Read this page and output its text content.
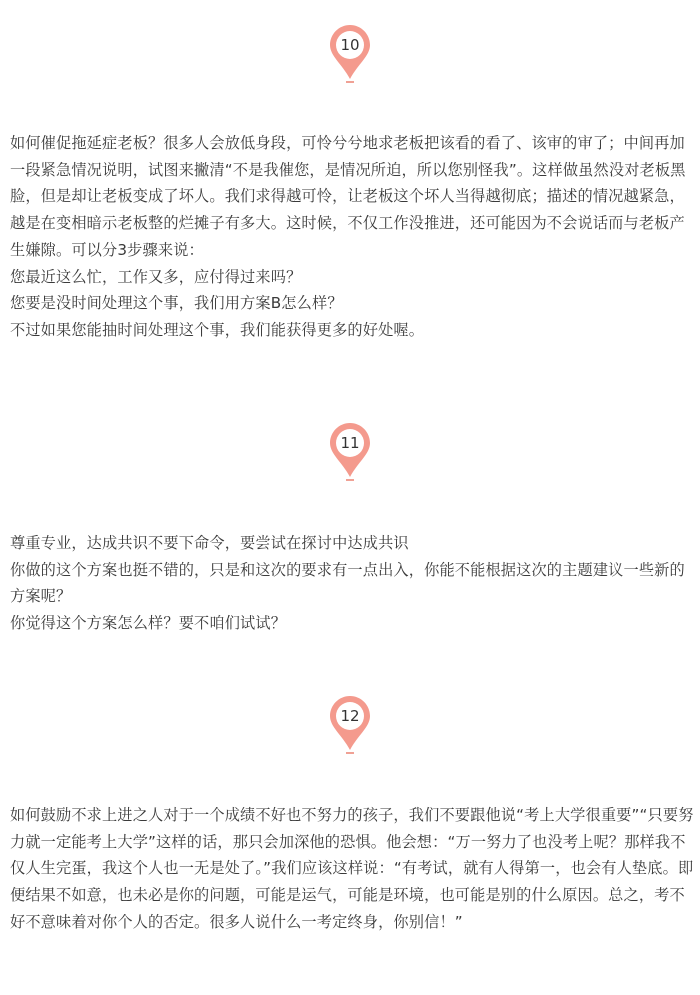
10

如何催促拖延症老板？很多人会放低身段，可怜兮兮地求老板把该看的看了、该审的审了；中间再加一段紧急情况说明，试图来撇清“不是我催您，是情况所迫，所以您别怪我”。这样做虽然没对老板黑脸，但是却让老板变成了坏人。我们求得越可怜，让老板这个坏人当得越彻底；描述的情况越紧急，越是在变相暗示老板整的烂摊子有多大。这时候，不仅工作没推进，还可能因为不会说话而与老板产生嫌隙。可以分3步骤来说：

您最近这么忙，工作又多，应付得过来吗？

您要是没时间处理这个事，我们用方案B怎么样？

不过如果您能抽时间处理这个事，我们能获得更多的好处喔。

11

尊重专业，达成共识不要下命令，要尝试在探讨中达成共识

你做的这个方案也挺不错的，只是和这次的要求有一点出入，你能不能根据这次的主题建议一些新的方案呢？

你觉得这个方案怎么样？要不咱们试试？

12

如何鼓励不求上进之人对于一个成绩不好也不努力的孩子，我们不要跟他说“考上大学很重要”“只要努力就一定能考上大学”这样的话，那只会加深他的恐惧。他会想：“万一努力了也没考上呢？那样我不仅人生完蛋，我这个人也一无是处了。”我们应该这样说：“有考试，就有人得第一，也会有人垫底。即便结果不如意，也未必是你的问题，可能是运气，可能是环境，也可能是别的什么原因。总之，考不好不意味着对你个人的否定。很多人说什么一考定终身，你别信！”
